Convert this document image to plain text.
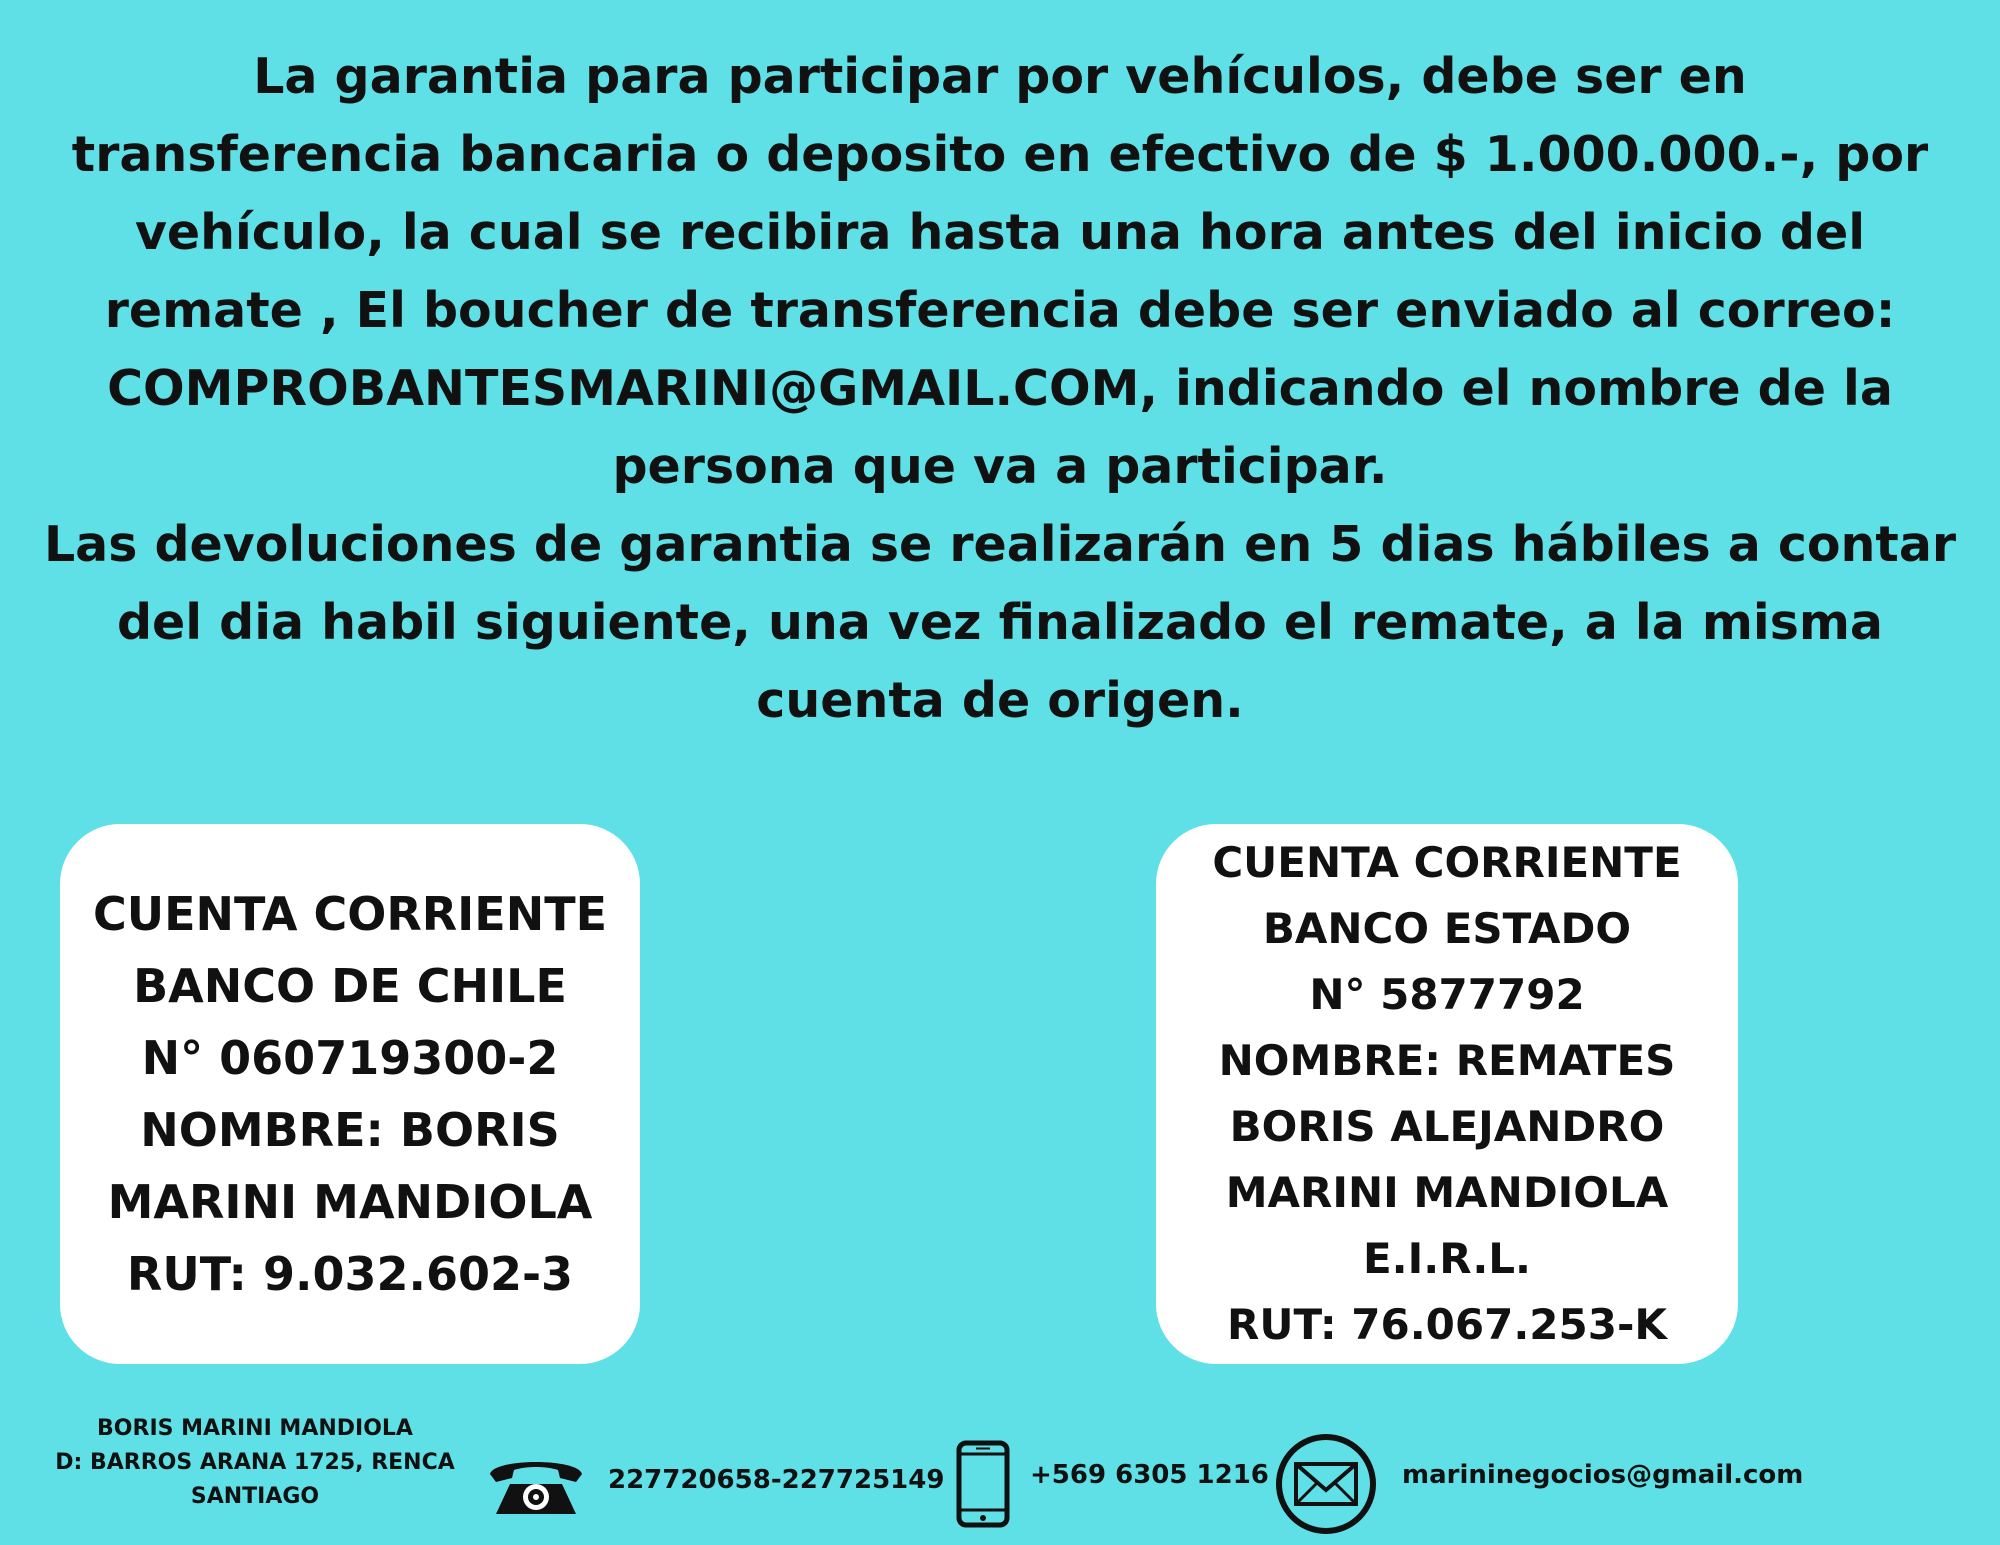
La garantia para participar por vehículos, debe ser en
transferencia bancaria o deposito en efectivo de $ 1.000.000.-, por
vehículo, la cual se recibira hasta una hora antes del inicio del
remate , El boucher de transferencia debe ser enviado al correo:
COMPROBANTESMARINI@GMAIL.COM, indicando el nombre de la
persona que va a participar.

Las devoluciones de garantia se realizarán en 5 dias hábiles a contar
del dia habil siguiente, una vez finalizado el remate, a la misma
cuenta de origen.

CUENTA CORRIENTE
BANCO DE CHILE
N° 060719300-2
NOMBRE: BORIS
MARINI MANDIOLA
RUT: 9.032.602-3
CUENTA CORRIENTE
BANCO ESTADO
N° 5877792
NOMBRE: REMATES
BORIS ALEJANDRO
MARINI MANDIOLA
E.I.R.L.
RUT: 76.067.253-K
BORIS MARINI MANDIOLA
D: BARROS ARANA 1725, RENCA
SANTIAGO
227720658-227725149	+569 6305 1216	marininegocios@gmail.com
